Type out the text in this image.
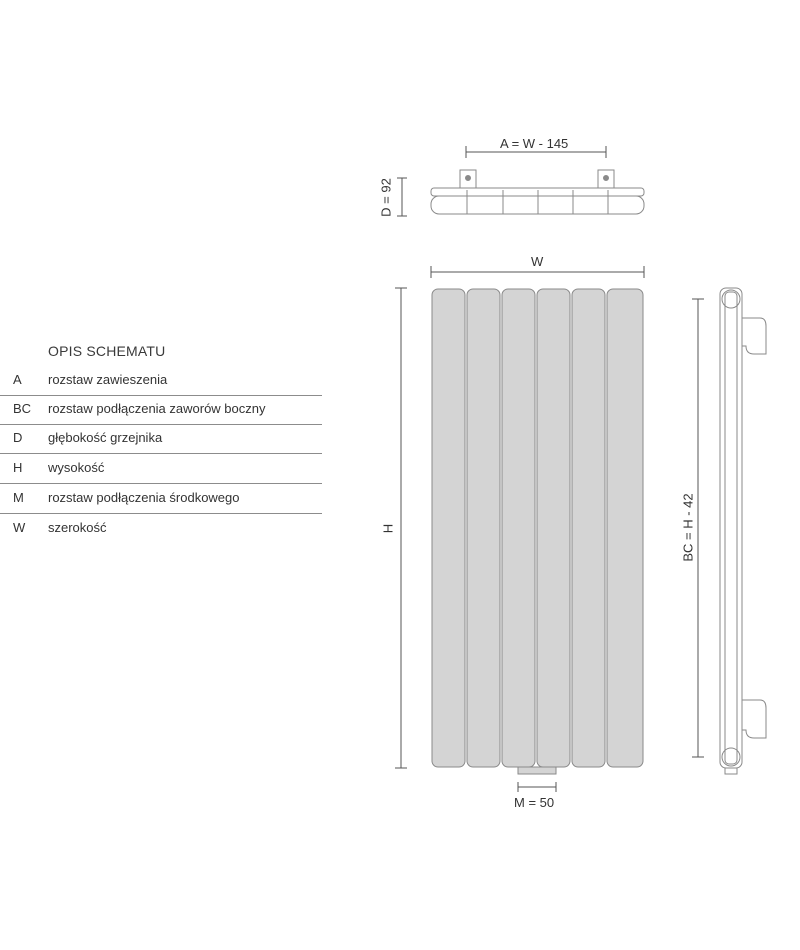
OPIS SCHEMATU
A rozstaw zawieszenia
BC rozstaw podłączenia zaworów boczny
D głębokość grzejnika
H wysokość
M rozstaw podłączenia środkowego
W szerokość
A = W - 145
D = 92
W
H	BC = H - 42
M = 50
